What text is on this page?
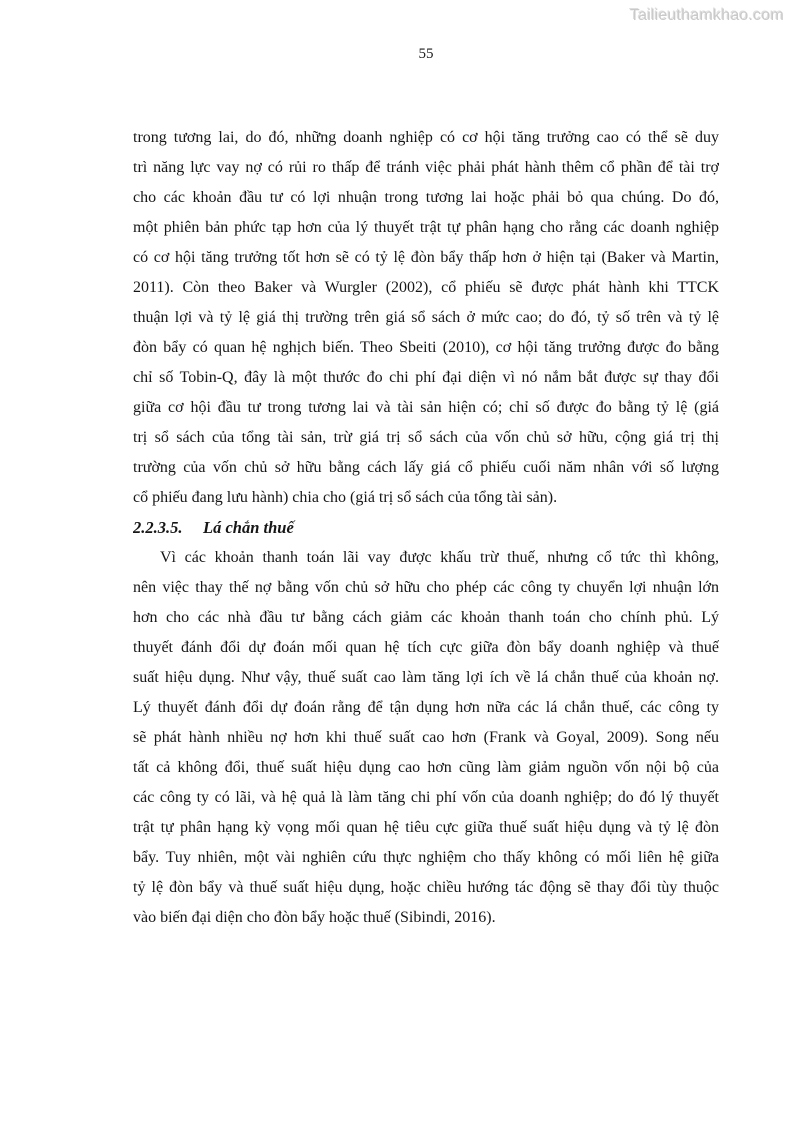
Tailieuthamkhao.com
55
trong tương lai, do đó, những doanh nghiệp có cơ hội tăng trưởng cao có thể sẽ duy
trì năng lực vay nợ có rủi ro thấp để tránh việc phải phát hành thêm cổ phần để tài trợ
cho các khoản đầu tư có lợi nhuận trong tương lai hoặc phải bỏ qua chúng. Do đó,
một phiên bản phức tạp hơn của lý thuyết trật tự phân hạng cho rằng các doanh nghiệp
có cơ hội tăng trưởng tốt hơn sẽ có tỷ lệ đòn bẩy thấp hơn ở hiện tại (Baker và Martin,
2011). Còn theo Baker và Wurgler (2002), cổ phiếu sẽ được phát hành khi TTCK
thuận lợi và tỷ lệ giá thị trường trên giá sổ sách ở mức cao; do đó, tỷ số trên và tỷ lệ
đòn bẩy có quan hệ nghịch biến. Theo Sbeiti (2010), cơ hội tăng trưởng được đo bằng
chỉ số Tobin-Q, đây là một thước đo chi phí đại diện vì nó nắm bắt được sự thay đổi
giữa cơ hội đầu tư trong tương lai và tài sản hiện có; chỉ số được đo bằng tỷ lệ (giá
trị sổ sách của tổng tài sản, trừ giá trị sổ sách của vốn chủ sở hữu, cộng giá trị thị
trường của vốn chủ sở hữu bằng cách lấy giá cổ phiếu cuối năm nhân với số lượng
cổ phiếu đang lưu hành) chia cho (giá trị sổ sách của tổng tài sản).
2.2.3.5. Lá chắn thuế
Vì các khoản thanh toán lãi vay được khấu trừ thuế, nhưng cổ tức thì không,
nên việc thay thế nợ bằng vốn chủ sở hữu cho phép các công ty chuyển lợi nhuận lớn
hơn cho các nhà đầu tư bằng cách giảm các khoản thanh toán cho chính phủ. Lý
thuyết đánh đổi dự đoán mối quan hệ tích cực giữa đòn bẩy doanh nghiệp và thuế
suất hiệu dụng. Như vậy, thuế suất cao làm tăng lợi ích về lá chắn thuế của khoản nợ.
Lý thuyết đánh đổi dự đoán rằng để tận dụng hơn nữa các lá chắn thuế, các công ty
sẽ phát hành nhiều nợ hơn khi thuế suất cao hơn (Frank và Goyal, 2009). Song nếu
tất cả không đổi, thuế suất hiệu dụng cao hơn cũng làm giảm nguồn vốn nội bộ của
các công ty có lãi, và hệ quả là làm tăng chi phí vốn của doanh nghiệp; do đó lý thuyết
trật tự phân hạng kỳ vọng mối quan hệ tiêu cực giữa thuế suất hiệu dụng và tỷ lệ đòn
bẩy. Tuy nhiên, một vài nghiên cứu thực nghiệm cho thấy không có mối liên hệ giữa
tỷ lệ đòn bẩy và thuế suất hiệu dụng, hoặc chiều hướng tác động sẽ thay đổi tùy thuộc
vào biến đại diện cho đòn bẩy hoặc thuế (Sibindi, 2016).
